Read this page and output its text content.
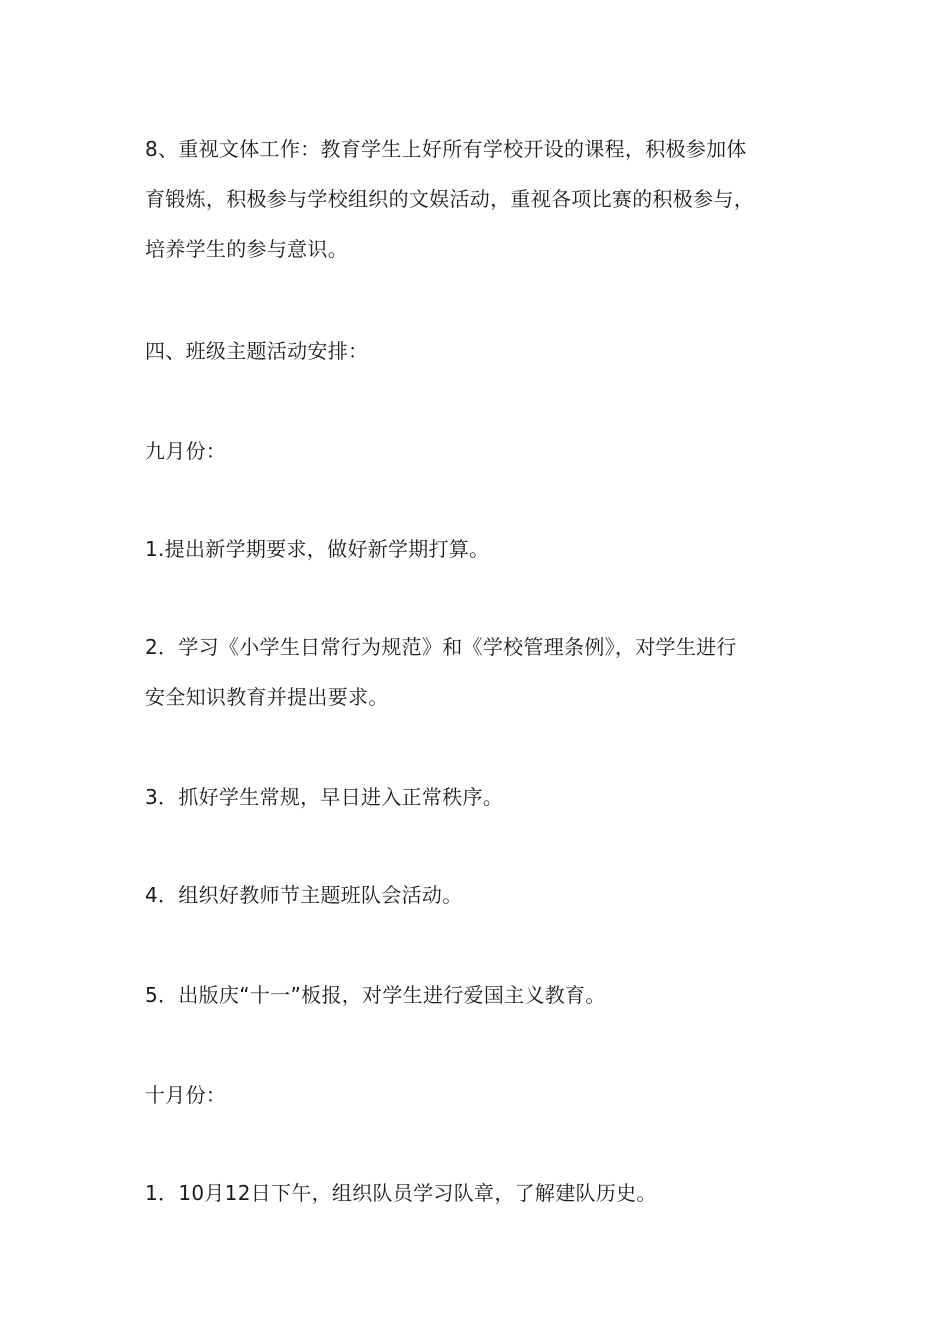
8、重视文体工作：教育学生上好所有学校开设的课程，积极参加体
育锻炼，积极参与学校组织的文娱活动，重视各项比赛的积极参与，
培养学生的参与意识。
四、班级主题活动安排：
九月份：
1.提出新学期要求，做好新学期打算。
2．学习《小学生日常行为规范》和《学校管理条例》，对学生进行
安全知识教育并提出要求。
3．抓好学生常规，早日进入正常秩序。
4．组织好教师节主题班队会活动。
5．出版庆“十一”板报，对学生进行爱国主义教育。
十月份：
1．10月12日下午，组织队员学习队章，了解建队历史。
